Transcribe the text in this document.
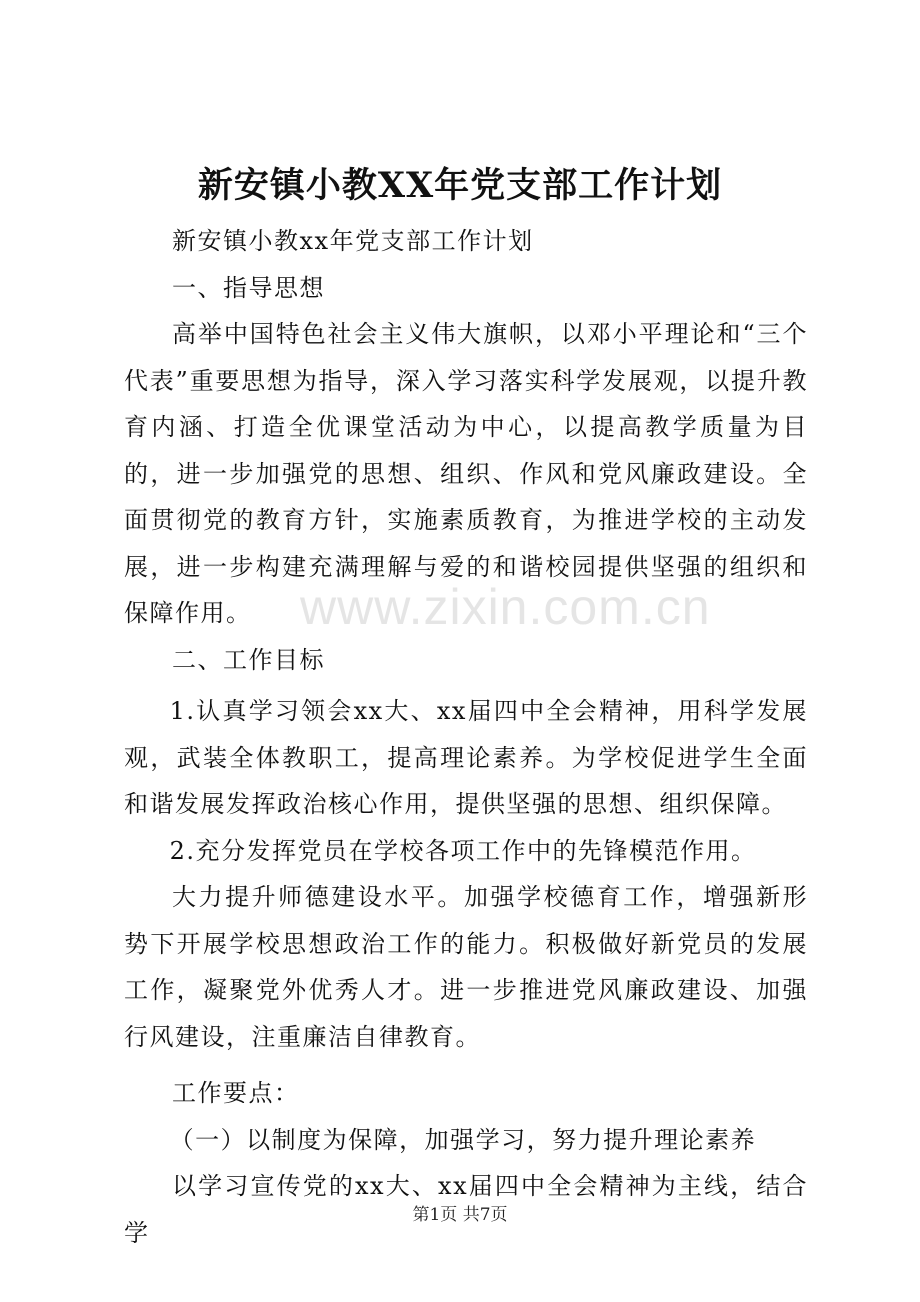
新安镇小教XX年党支部工作计划

新安镇小教xx年党支部工作计划

一、指导思想

高举中国特色社会主义伟大旗帜，以邓小平理论和“三个代表”重要思想为指导，深入学习落实科学发展观，以提升教育内涵、打造全优课堂活动为中心，以提高教学质量为目的，进一步加强党的思想、组织、作风和党风廉政建设。全面贯彻党的教育方针，实施素质教育，为推进学校的主动发展，进一步构建充满理解与爱的和谐校园提供坚强的组织和保障作用。

二、工作目标

1.认真学习领会xx大、xx届四中全会精神，用科学发展观，武装全体教职工，提高理论素养。为学校促进学生全面和谐发展发挥政治核心作用，提供坚强的思想、组织保障。

2.充分发挥党员在学校各项工作中的先锋模范作用。

大力提升师德建设水平。加强学校德育工作，增强新形势下开展学校思想政治工作的能力。积极做好新党员的发展工作，凝聚党外优秀人才。进一步推进党风廉政建设、加强行风建设，注重廉洁自律教育。

工作要点：

（一）以制度为保障，加强学习，努力提升理论素养

以学习宣传党的xx大、xx届四中全会精神为主线，结合学

www.zixin.com.cn
第1页 共7页
